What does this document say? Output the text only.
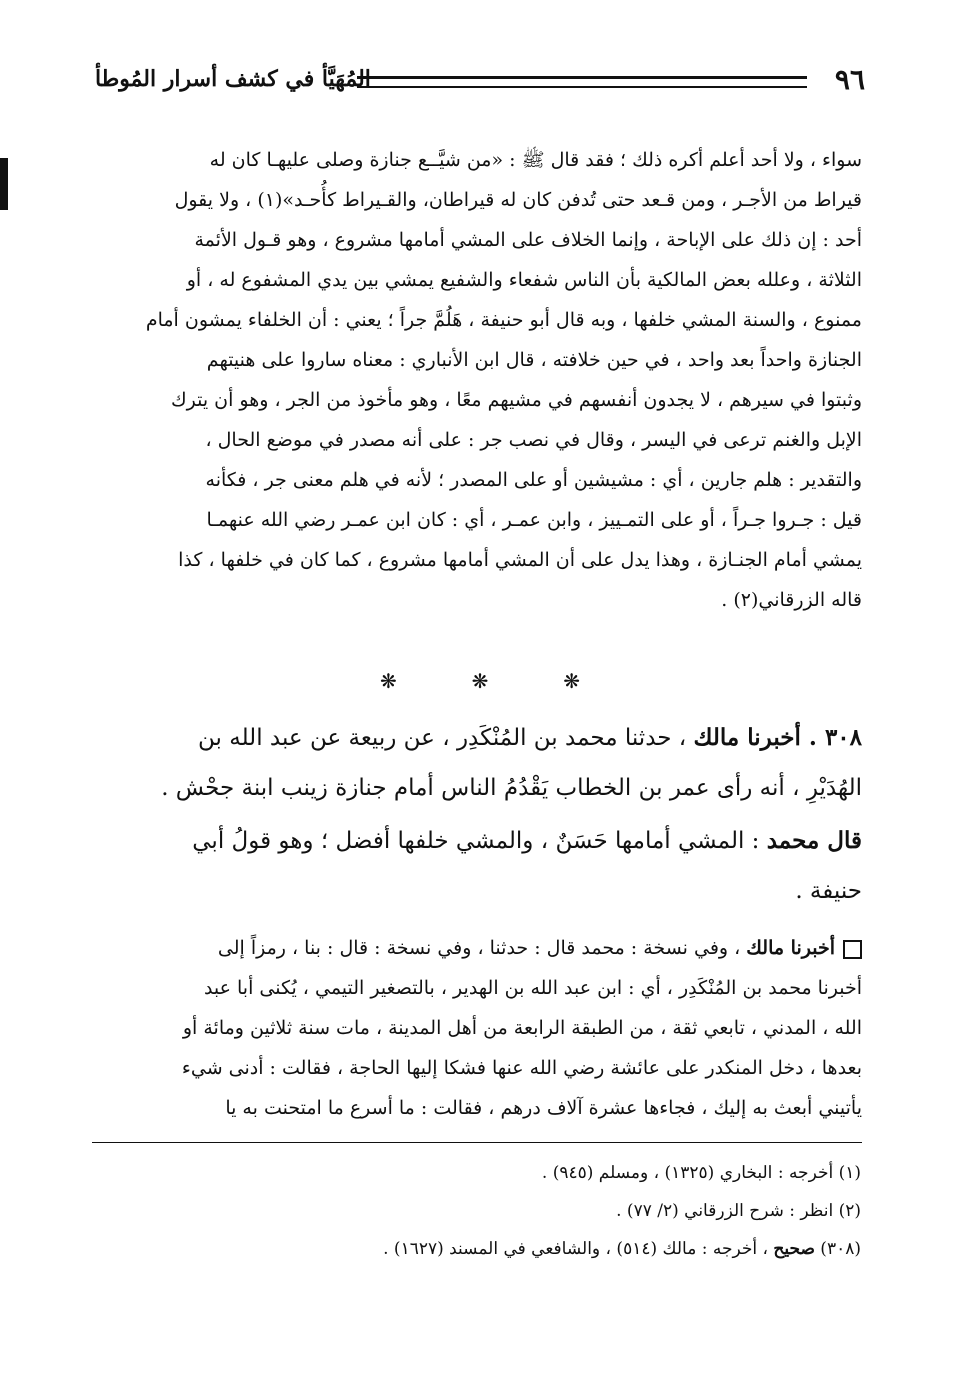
المُهَيَّأ في كشف أسرار المُوطأ	٩٦
سواء ، ولا أحد أعلم أكره ذلك ؛ فقد قال ﷺ : «من شيَّــع جنازة وصلى عليهـا كان له
قيراط من الأجـر ، ومن قـعد حتى تُدفن كان له قيراطان، والقـيراط كأُحـد»(١) ، ولا يقول
أحد : إن ذلك على الإباحة ، وإنما الخلاف على المشي أمامها مشروع ، وهو قـول الأئمة
الثلاثة ، وعلله بعض المالكية بأن الناس شفعاء والشفيع يمشي بين يدي المشفوع له ، أو
ممنوع ، والسنة المشي خلفها ، وبه قال أبو حنيفة ، هَلُمَّ جراً ؛ يعني : أن الخلفاء يمشون أمام
الجنازة واحداً بعد واحد ، في حين خلافته ، قال ابن الأنباري : معناه ساروا على هنيتهم
وثبتوا في سيرهم ، لا يجدون أنفسهم في مشيهم معًا ، وهو مأخوذ من الجر ، وهو أن يترك
الإبل والغنم ترعى في اليسر ، وقال في نصب جر : على أنه مصدر في موضع الحال ،
والتقدير : هلم جارين ، أي : مشيشين أو على المصدر ؛ لأنه في هلم معنى جر ، فكأنه
قيل : جـروا جـراً ، أو على التمـييز ، وابن عمـر ، أي : كان ابن عمـر رضي الله عنهمـا
يمشي أمام الجنـازة ، وهذا يدل على أن المشي أمامها مشروع ، كما كان في خلفها ، كذا
قاله الزرقاني(٢) .
❋	❋	❋
٣٠٨ . أخبرنا مالك ، حدثنا محمد بن المُنْكَدِر ، عن ربيعة عن عبد الله بن
الهُدَيْرِ ، أنه رأى عمر بن الخطاب يَقْدُمُ الناس أمام جنازة زينب ابنة جحْش .
قال محمد : المشي أمامها حَسَنٌ ، والمشي خلفها أفضل ؛ وهو قولُ أبي
حنيفة .
أخبرنا مالك ، وفي نسخة : محمد قال : حدثنا ، وفي نسخة : قال : بنا ، رمزاً إلى
أخبرنا محمد بن المُنْكَدِر ، أي : ابن عبد الله بن الهدير ، بالتصغير التيمي ، يُكنى أبا عبد
الله ، المدني ، تابعي ثقة ، من الطبقة الرابعة من أهل المدينة ، مات سنة ثلاثين ومائة أو
بعدها ، دخل المنكدر على عائشة رضي الله عنها فشكا إليها الحاجة ، فقالت : أدنى شيء
يأتيني أبعث به إليك ، فجاءها عشرة آلاف درهم ، فقالت : ما أسرع ما امتحنت به يا
(١) أخرجه : البخاري (١٣٢٥) ، ومسلم (٩٤٥) .
(٢) انظر : شرح الزرقاني (٢/ ٧٧) .
(٣٠٨) صحيح ، أخرجه : مالك (٥١٤) ، والشافعي في المسند (١٦٢٧) .
